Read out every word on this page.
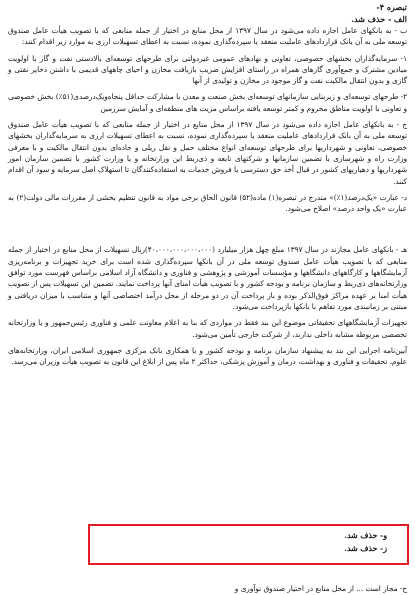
تبصره ۴-

الف - حذف شد.

ب - به بانکهای عامل اجازه داده می‌شود در سال ۱۳۹۷ از محل منابع در اختیار از جمله منابعی که با تصویب هیأت عامل صندوق توسعه ملی به آن بانک قراردادهای عاملیت منعقد یا سپرده‌گذاری نموده، نسبت به اعطای تسهیلات ارزی به موارد زیر اقدام کنند:

۱- سرمایه‌گذاران بخشهای خصوصی، تعاونی و نهادهای عمومی غیردولتی برای طرحهای توسعه‌ای بالادستی نفت و گاز با اولویت میادین مشترک و جمع‌آوری گازهای همراه در راستای افزایش ضریب بازیافت مخازن و احیای چاههای قدیمی با داشتن ذخایر نفتی و گازی و بدون انتقال مالکیت نفت و گاز موجود در مخازن و تولیدی از آنها

۲- طرحهای توسعه‌ای و زیربنایی سازمانهای توسعه‌ای بخش صنعت و معدن با مشارکت حداقل پنجاه‌ویک‌درصدی(۵۱٪) بخش خصوصی و تعاونی با اولویت مناطق محروم و کمتر توسعه یافته براساس مزیت های منطقه‌ای و آمایش سرزمین

ج - به بانکهای عامل اجازه داده می‌شود در سال ۱۳۹۷ از محل منابع در اختیار از جمله منابعی که با تصویب هیأت عامل صندوق توسعه ملی به آن بانک قراردادهای عاملیت منعقد یا سپرده‌گذاری نموده، نسبت به اعطای تسهیلات ارزی به سرمایه‌گذاران بخشهای خصوصی، تعاونی و شهرداریها برای طرحهای توسعه‌ای انواع مختلف حمل و نقل ریلی و جاده‌ای بدون انتقال مالکیت و با معرفی وزارت راه و شهرسازی یا تضمین سازمانها و شرکتهای تابعه و ذی‌ربط این وزارتخانه و یا وزارت کشور با تضمین سازمان امور شهرداریها و دهیاریهای کشور در قبال أخذ حق دسترسی یا فروش خدمات به استفاده‌کنندگان تا استهلاک اصل سرمایه و سود آن اقدام کنند.

د- عبارت «یک‌درصد(۱٪)» مندرج در تبصره(۱) ماده(۵۲) قانون الحاق برخی مواد به قانون تنظیم بخشی از مقررات مالی دولت(۲) به عبارت «یک واحد درصد» اصلاح می‌شود.

هـ - بانکهای عامل مجازند در سال ۱۳۹۷ مبلغ چهل هزار میلیارد (۴۰،۰۰۰،۰۰۰،۰۰۰،۰۰۰)ریال تسهیلات از محل منابع در اختیار از جمله منابعی که با تصویب هیأت عامل صندوق توسعه ملی در آن بانکها سپرده‌گذاری شده است برای خرید تجهیزات و برنامه‌ریزی آزمایشگاهها و کارگاههای دانشگاهها و مؤسسات آموزشی و پژوهشی و فناوری و دانشگاه آزاد اسلامی براساس فهرست مورد توافق وزارتخانه‌های ذی‌ربط و سازمان برنامه و بودجه کشور و با تصویب هیأت امنای آنها پرداخت نمایند. تضمین این تسهیلات پس از تصویب هیأت امنا بر عهده مراکز فوق‌الذکر بوده و باز پرداخت آن در دو مرحله از محل درآمد اختصاصی آنها و متناسب با میزان دریافتی و مبتنی بر زمانبندی مورد تفاهم با بانکها بازپرداخت می‌شود.

تجهیزات آزمایشگاههای تحقیقاتی موضوع این بند فقط در مواردی که بنا به اعلام معاونت علمی و فناوری رئیس‌جمهور و یا وزارتخانه تخصصی مربوطه مشابه داخلی ندارند، از شرکت خارجی تأمین می‌شود.

آیین‌نامه اجرایی این بند به پیشنهاد سازمان برنامه و بودجه کشور و با همکاری بانک مرکزی جمهوری اسلامی ایران، وزارتخانه‌های علوم، تحقیقات و فناوری و بهداشت، درمان و آموزش پزشکی، حداکثر ۲ ماه پس از ابلاغ این قانون به تصویب هیأت وزیران می‌رسد.

و- حذف شد.

ز- حذف شد.

ح- مجاز است ... از محل منابع در اختیار صندوق نوآوری و
